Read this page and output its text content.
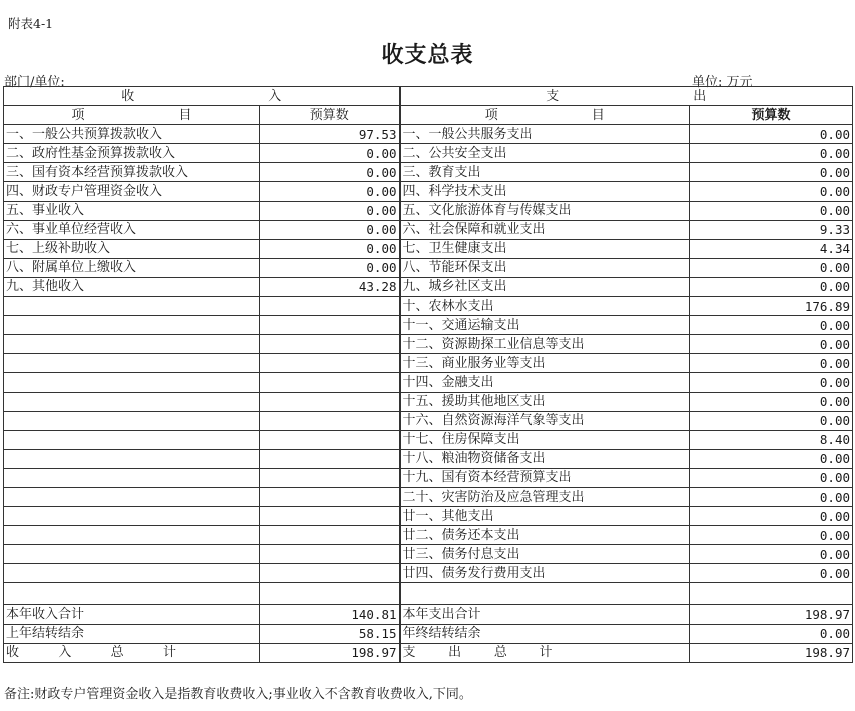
附表4-1
收支总表
部门/单位:	单位: 万元
收 入		支 出	

项 目	预算数	项 目	预算数
一、一般公共预算拨款收入	97.53	一、一般公共服务支出	0.00
二、政府性基金预算拨款收入	0.00	二、公共安全支出	0.00
三、国有资本经营预算拨款收入	0.00	三、教育支出	0.00
四、财政专户管理资金收入	0.00	四、科学技术支出	0.00
五、事业收入	0.00	五、文化旅游体育与传媒支出	0.00
六、事业单位经营收入	0.00	六、社会保障和就业支出	9.33
七、上级补助收入	0.00	七、卫生健康支出	4.34
八、附属单位上缴收入	0.00	八、节能环保支出	0.00
九、其他收入	43.28	九、城乡社区支出	0.00
		十、农林水支出	176.89
		十一、交通运输支出	0.00
		十二、资源勘探工业信息等支出	0.00
		十三、商业服务业等支出	0.00
		十四、金融支出	0.00
		十五、援助其他地区支出	0.00
		十六、自然资源海洋气象等支出	0.00
		十七、住房保障支出	8.40
		十八、粮油物资储备支出	0.00
		十九、国有资本经营预算支出	0.00
		二十、灾害防治及应急管理支出	0.00
		廿一、其他支出	0.00
		廿二、债务还本支出	0.00
		廿三、债务付息支出	0.00
		廿四、债务发行费用支出	0.00

本年收入合计	140.81	本年支出合计	198.97
上年结转结余	58.15	年终结转结余	0.00

收 入 总 计	198.97	支 出 总 计	198.97
备注:财政专户管理资金收入是指教育收费收入;事业收入不含教育收费收入,下同。
